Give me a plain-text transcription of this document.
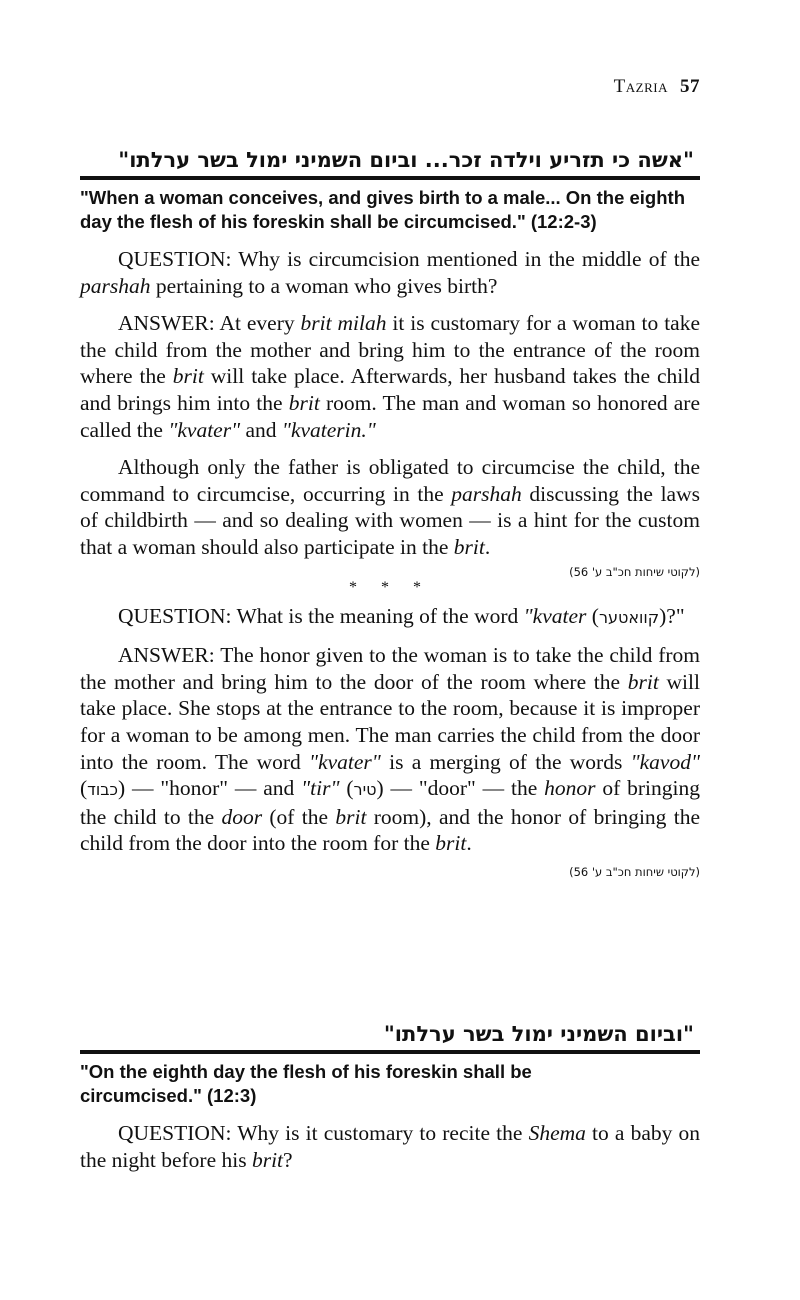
Tazria 57
"אשה כי תזריע וילדה זכר... וביום השמיני ימול בשר ערלתו"
"When a woman conceives, and gives birth to a male... On the eighth day the flesh of his foreskin shall be circumcised." (12:2-3)

QUESTION: Why is circumcision mentioned in the middle of the parshah pertaining to a woman who gives birth?

ANSWER: At every brit milah it is customary for a woman to take the child from the mother and bring him to the entrance of the room where the brit will take place. Afterwards, her husband takes the child and brings him into the brit room. The man and woman so honored are called the "kvater" and "kvaterin."

Although only the father is obligated to circumcise the child, the command to circumcise, occurring in the parshah discussing the laws of childbirth — and so dealing with women — is a hint for the custom that a woman should also participate in the brit.

(לקוטי שיחות חכ"ב ע' 56)

* * *

QUESTION: What is the meaning of the word "kvater (קוואטער)?"

ANSWER: The honor given to the woman is to take the child from the mother and bring him to the door of the room where the brit will take place. She stops at the entrance to the room, because it is improper for a woman to be among men. The man carries the child from the door into the room. The word "kvater" is a merging of the words "kavod" (כבוד) — "honor" — and "tir" (טיר) — "door" — the honor of bringing the child to the door (of the brit room), and the honor of bringing the child from the door into the room for the brit.

(לקוטי שיחות חכ"ב ע' 56)

"וביום השמיני ימול בשר ערלתו"
"On the eighth day the flesh of his foreskin shall be circumcised." (12:3)

QUESTION: Why is it customary to recite the Shema to a baby on the night before his brit?
